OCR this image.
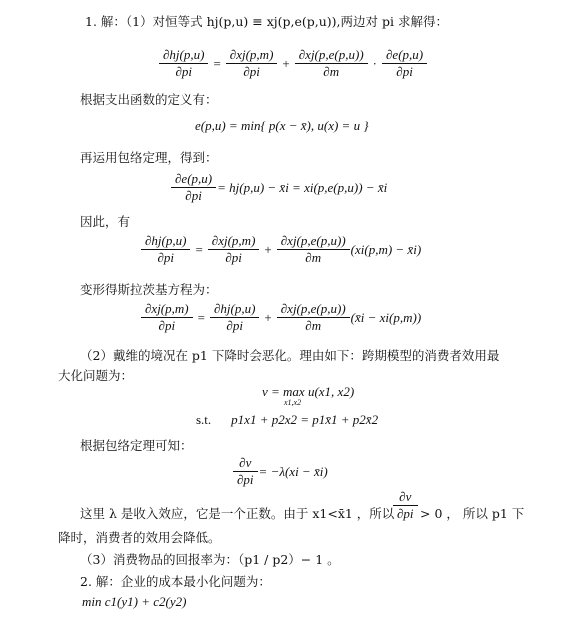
1. 解：（1）对恒等式 hj(p,u) ≡ xj(p,e(p,u)),两边对 pi 求解得：
$\frac{\partial hj(p,u)}{\partial pi} = \frac{\partial xj(p,m)}{\partial pi} + \frac{\partial xj(p,e(p,u))}{\partial m} \cdot \frac{\partial e(p,u)}{\partial pi}$
根据支出函数的定义有：
e(p,u) = min{ p(x − x̄), u(x) = u }
再运用包络定理，得到：
$\frac{\partial e(p,u)}{\partial pi} = hj(p,u)$ − x̄i = xi(p,e(p,u)) − x̄i
因此，有
$\frac{\partial hj(p,u)}{\partial pi} = \frac{\partial xj(p,m)}{\partial pi} + \frac{\partial xj(p,e(p,u))}{\partial m} (xi(p,m)$ − x̄i)
变形得斯拉茨基方程为：
$\frac{\partial xj(p,m)}{\partial pi} = \frac{\partial hj(p,u)}{\partial pi} + \frac{\partial xj(p,e(p,u))}{\partial m}$ (x̄i − xi(p,m))
（2）戴维的境况在 p1 下降时会恶化。理由如下：跨期模型的消费者效用最
大化问题为：
v = max u(x1, x2)
x1,x2
s.t. p1x1 + p2x2 = p1x̄1 + p2x̄2
根据包络定理可知：
$\frac{\partial v}{\partial pi} = -\lambda(xi$ − x̄i)
这里 λ 是收入效应，它是一个正数。由于 x1<x̄1 ，所以 $\frac{\partial v}{\partial pi} > 0$ ， 所以 p1 下
降时，消费者的效用会降低。
（3）消费物品的回报率为：（p1 / p2）− 1 。
2. 解：企业的成本最小化问题为：
min c1(y1) + c2(y2)
